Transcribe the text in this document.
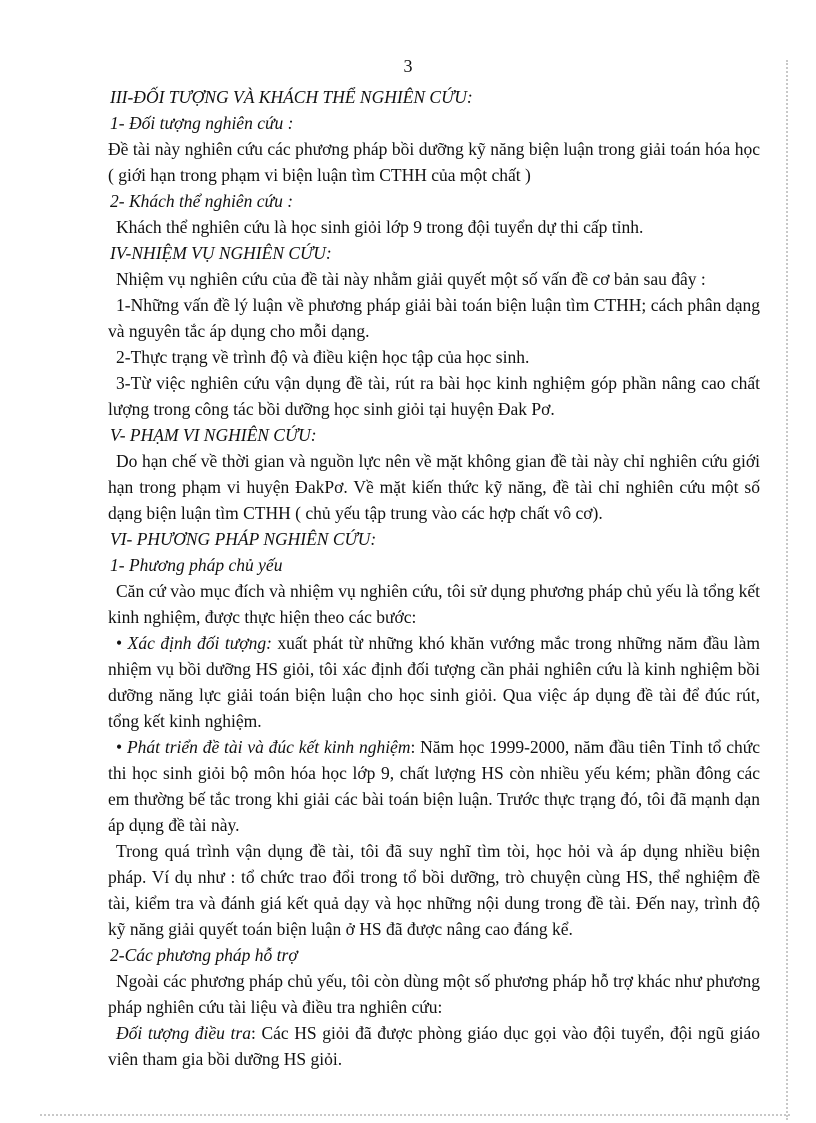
3

III-ĐỐI TƯỢNG VÀ KHÁCH THỂ NGHIÊN CỨU:

1- Đối tượng nghiên cứu :

Đề tài này nghiên cứu các phương pháp bồi dưỡng kỹ năng biện luận trong giải toán hóa học ( giới hạn trong phạm vi biện luận tìm CTHH của một chất )

2- Khách thể nghiên cứu :

Khách thể nghiên cứu là học sinh giỏi lớp 9 trong đội tuyển dự thi cấp tỉnh.

IV-NHIỆM VỤ NGHIÊN CỨU:

Nhiệm vụ nghiên cứu của đề tài này nhằm giải quyết một số vấn đề cơ bản sau đây :

1-Những vấn đề lý luận về phương pháp giải bài toán biện luận tìm CTHH; cách phân dạng và nguyên tắc áp dụng cho mỗi dạng.

2-Thực trạng về trình độ và điều kiện học tập của học sinh.

3-Từ việc nghiên cứu vận dụng đề tài, rút ra bài học kinh nghiệm góp phần nâng cao chất lượng trong công tác bồi dưỡng học sinh giỏi tại huyện Đak Pơ.

V- PHẠM VI NGHIÊN CỨU:

Do hạn chế về thời gian và nguồn lực nên về mặt không gian đề tài này chỉ nghiên cứu giới hạn trong phạm vi huyện ĐakPơ. Về mặt kiến thức kỹ năng, đề tài chỉ nghiên cứu một số dạng biện luận tìm CTHH ( chủ yếu tập trung vào các hợp chất vô cơ).

VI- PHƯƠNG PHÁP NGHIÊN CỨU:

1- Phương pháp chủ yếu

Căn cứ vào mục đích và nhiệm vụ nghiên cứu, tôi sử dụng phương pháp chủ yếu là tổng kết kinh nghiệm, được thực hiện theo các bước:

• Xác định đối tượng: xuất phát từ những khó khăn vướng mắc trong những năm đầu làm nhiệm vụ bồi dưỡng HS giỏi, tôi xác định đối tượng cần phải nghiên cứu là kinh nghiệm bồi dưỡng năng lực giải toán biện luận cho học sinh giỏi. Qua việc áp dụng đề tài để đúc rút, tổng kết kinh nghiệm.

• Phát triển đề tài và đúc kết kinh nghiệm: Năm học 1999-2000, năm đầu tiên Tỉnh tổ chức thi học sinh giỏi bộ môn hóa học lớp 9, chất lượng HS còn nhiều yếu kém; phần đông các em thường bế tắc trong khi giải các bài toán biện luận. Trước thực trạng đó, tôi đã mạnh dạn áp dụng đề tài này.

Trong quá trình vận dụng đề tài, tôi đã suy nghĩ tìm tòi, học hỏi và áp dụng nhiều biện pháp. Ví dụ như : tổ chức trao đổi trong tổ bồi dưỡng, trò chuyện cùng HS, thể nghiệm đề tài, kiểm tra và đánh giá kết quả dạy và học những nội dung trong đề tài. Đến nay, trình độ kỹ năng giải quyết toán biện luận ở HS đã được nâng cao đáng kể.

2-Các phương pháp hỗ trợ

Ngoài các phương pháp chủ yếu, tôi còn dùng một số phương pháp hỗ trợ khác như phương pháp nghiên cứu tài liệu và điều tra nghiên cứu:

Đối tượng điều tra: Các HS giỏi đã được phòng giáo dục gọi vào đội tuyển, đội ngũ giáo viên tham gia bồi dưỡng HS giỏi.
